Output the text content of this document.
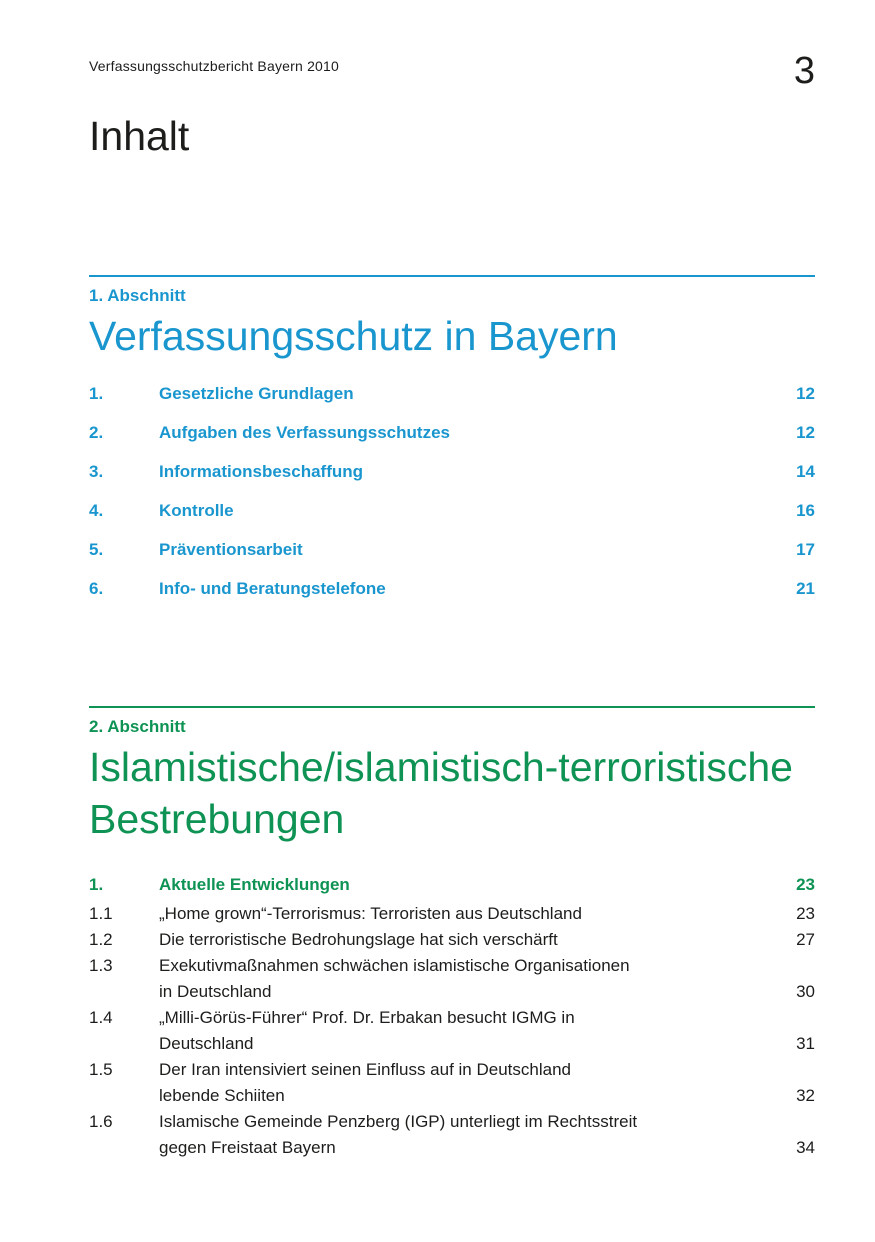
Verfassungsschutzbericht Bayern 2010	3
Inhalt
1. Abschnitt
Verfassungsschutz in Bayern
1.	Gesetzliche Grundlagen	12
2.	Aufgaben des Verfassungsschutzes	12
3.	Informationsbeschaffung	14
4.	Kontrolle	16
5.	Präventionsarbeit	17
6.	Info- und Beratungstelefone	21
2. Abschnitt
Islamistische/islamistisch-terroristische
Bestrebungen
1.	Aktuelle Entwicklungen	23
1.1	„Home grown“-Terrorismus: Terroristen aus Deutschland	23
1.2	Die terroristische Bedrohungslage hat sich verschärft	27
1.3	Exekutivmaßnahmen schwächen islamistische Organisationen
in Deutschland	30
1.4	„Milli-Görüs-Führer“ Prof. Dr. Erbakan besucht IGMG in
Deutschland	31
1.5	Der Iran intensiviert seinen Einfluss auf in Deutschland
lebende Schiiten	32
1.6	Islamische Gemeinde Penzberg (IGP) unterliegt im Rechtsstreit
gegen Freistaat Bayern	34
